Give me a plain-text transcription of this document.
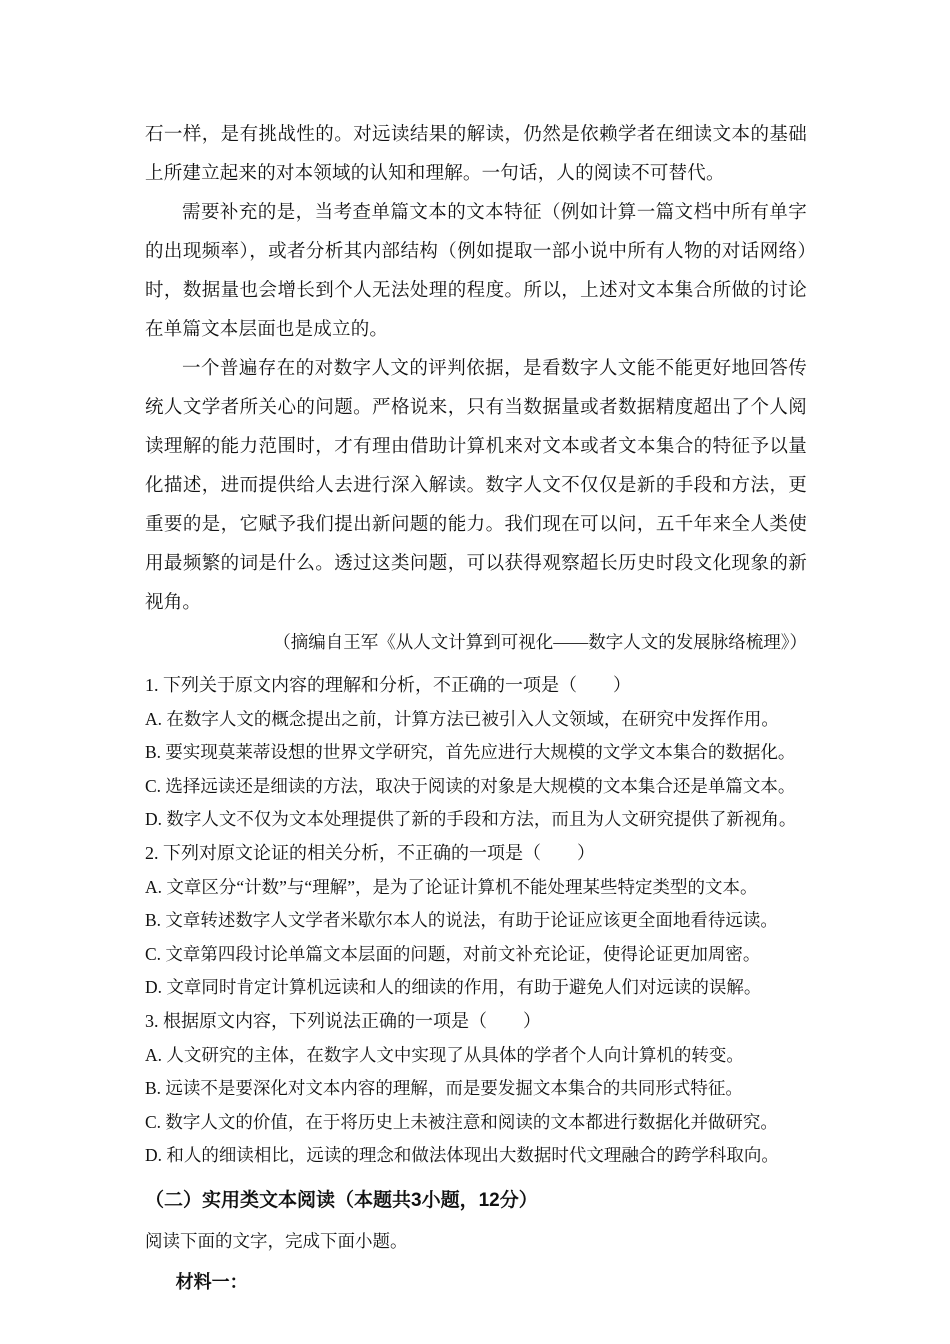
石一样，是有挑战性的。对远读结果的解读，仍然是依赖学者在细读文本的基础上所建立起来的对本领域的认知和理解。一句话，人的阅读不可替代。

需要补充的是，当考查单篇文本的文本特征（例如计算一篇文档中所有单字的出现频率），或者分析其内部结构（例如提取一部小说中所有人物的对话网络）时，数据量也会增长到个人无法处理的程度。所以，上述对文本集合所做的讨论在单篇文本层面也是成立的。

一个普遍存在的对数字人文的评判依据，是看数字人文能不能更好地回答传统人文学者所关心的问题。严格说来，只有当数据量或者数据精度超出了个人阅读理解的能力范围时，才有理由借助计算机来对文本或者文本集合的特征予以量化描述，进而提供给人去进行深入解读。数字人文不仅仅是新的手段和方法，更重要的是，它赋予我们提出新问题的能力。我们现在可以问，五千年来全人类使用最频繁的词是什么。透过这类问题，可以获得观察超长历史时段文化现象的新视角。

（摘编自王军《从人文计算到可视化——数字人文的发展脉络梳理》）

1. 下列关于原文内容的理解和分析，不正确的一项是（　　）

A. 在数字人文的概念提出之前，计算方法已被引入人文领域，在研究中发挥作用。

B. 要实现莫莱蒂设想的世界文学研究，首先应进行大规模的文学文本集合的数据化。

C. 选择远读还是细读的方法，取决于阅读的对象是大规模的文本集合还是单篇文本。

D. 数字人文不仅为文本处理提供了新的手段和方法，而且为人文研究提供了新视角。

2. 下列对原文论证的相关分析，不正确的一项是（　　）

A. 文章区分“计数”与“理解”，是为了论证计算机不能处理某些特定类型的文本。

B. 文章转述数字人文学者米歇尔本人的说法，有助于论证应该更全面地看待远读。

C. 文章第四段讨论单篇文本层面的问题，对前文补充论证，使得论证更加周密。

D. 文章同时肯定计算机远读和人的细读的作用，有助于避免人们对远读的误解。

3. 根据原文内容，下列说法正确的一项是（　　）

A. 人文研究的主体，在数字人文中实现了从具体的学者个人向计算机的转变。

B. 远读不是要深化对文本内容的理解，而是要发掘文本集合的共同形式特征。

C. 数字人文的价值，在于将历史上未被注意和阅读的文本都进行数据化并做研究。

D. 和人的细读相比，远读的理念和做法体现出大数据时代文理融合的跨学科取向。

（二）实用类文本阅读（本题共3小题，12分）

阅读下面的文字，完成下面小题。

材料一：
